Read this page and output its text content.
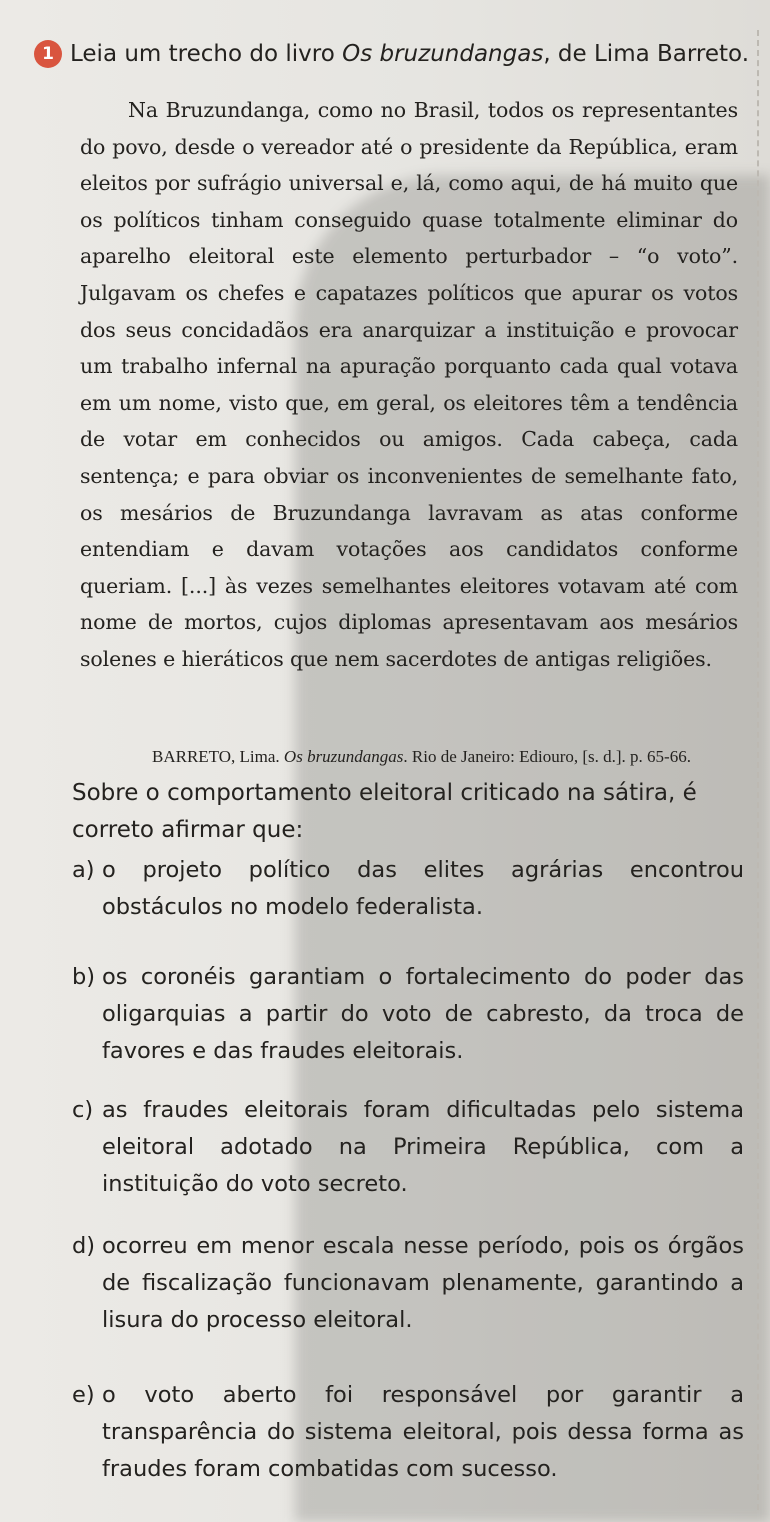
1 Leia um trecho do livro Os bruzundangas, de Lima Barreto.
Na Bruzundanga, como no Brasil, todos os representantes do povo, desde o vereador até o presidente da República, eram eleitos por sufrágio universal e, lá, como aqui, de há muito que os políticos tinham conseguido quase totalmente eliminar do aparelho eleitoral este elemento perturbador – “o voto”. Julgavam os chefes e capatazes políticos que apurar os votos dos seus concidadãos era anarquizar a instituição e provocar um trabalho infernal na apuração porquanto cada qual votava em um nome, visto que, em geral, os eleitores têm a tendência de votar em conhecidos ou amigos. Cada cabeça, cada sentença; e para obviar os inconvenientes de semelhante fato, os mesários de Bruzundanga lavravam as atas conforme entendiam e davam votações aos candidatos conforme queriam. [...] às vezes semelhantes eleitores votavam até com nome de mortos, cujos diplomas apresentavam aos mesários solenes e hieráticos que nem sacerdotes de antigas religiões.
BARRETO, Lima. Os bruzundangas. Rio de Janeiro: Ediouro, [s. d.]. p. 65-66.
Sobre o comportamento eleitoral criticado na sátira, é correto afirmar que:
a) o projeto político das elites agrárias encontrou obstáculos no modelo federalista.
b) os coronéis garantiam o fortalecimento do poder das oligarquias a partir do voto de cabresto, da troca de favores e das fraudes eleitorais.
c) as fraudes eleitorais foram dificultadas pelo sistema eleitoral adotado na Primeira República, com a instituição do voto secreto.
d) ocorreu em menor escala nesse período, pois os órgãos de fiscalização funcionavam plenamente, garantindo a lisura do processo eleitoral.
e) o voto aberto foi responsável por garantir a transparência do sistema eleitoral, pois dessa forma as fraudes foram combatidas com sucesso.
